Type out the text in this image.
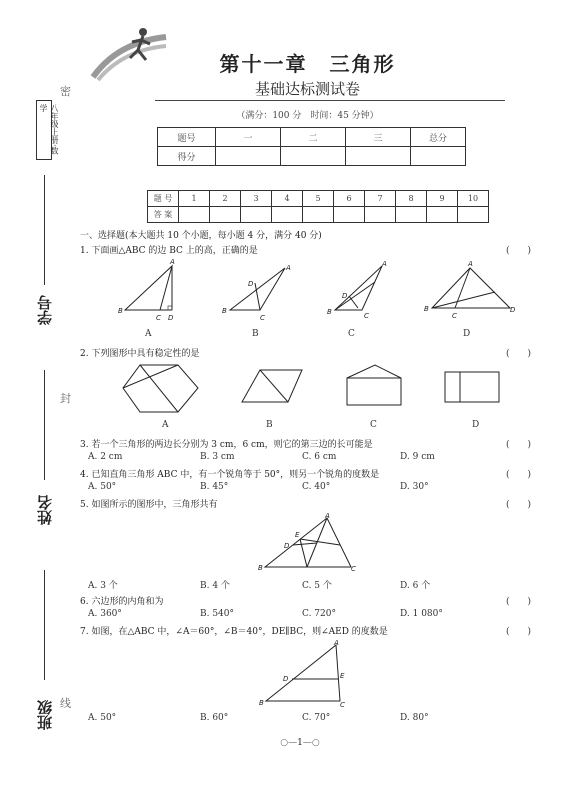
八年级上册·数学
学号
姓名
班级
密
封
线
第十一章　三角形
基础达标测试卷
（满分：100 分　时间：45 分钟）
题号	一	二	三	总分
得分				
题 号	1	2	3	4	5	6	7	8	9	10
答 案										
一、选择题(本大题共 10 个小题，每小题 4 分，满分 40 分)
1. 下面画△ABC 的边 BC 上的高，正确的是	(　　)
A
B
C D
A
B
C
D
A
B	C
D
A
B
C
D
A	B	C	D
2. 下列图形中具有稳定性的是	(　　)
A	B	C	D
3. 若一个三角形的两边长分别为 3 cm，6 cm，则它的第三边的长可能是	(　　)
A. 2 cm	B. 3 cm	C. 6 cm	D. 9 cm
4. 已知直角三角形 ABC 中，有一个锐角等于 50°，则另一个锐角的度数是	(　　)
A. 50°	B. 45°	C. 40°	D. 30°
5. 如图所示的图形中，三角形共有	(　　)
A
B	C
D
E
A. 3 个	B. 4 个	C. 5 个	D. 6 个
6. 六边形的内角和为	(　　)
A. 360°	B. 540°	C. 720°	D. 1 080°
7. 如图，在△ABC 中，∠A＝60°，∠B＝40°，DE∥BC，则∠AED 的度数是	(　　)
A
B	C
D	E
A. 50°	B. 60°	C. 70°	D. 80°
○—1—○
